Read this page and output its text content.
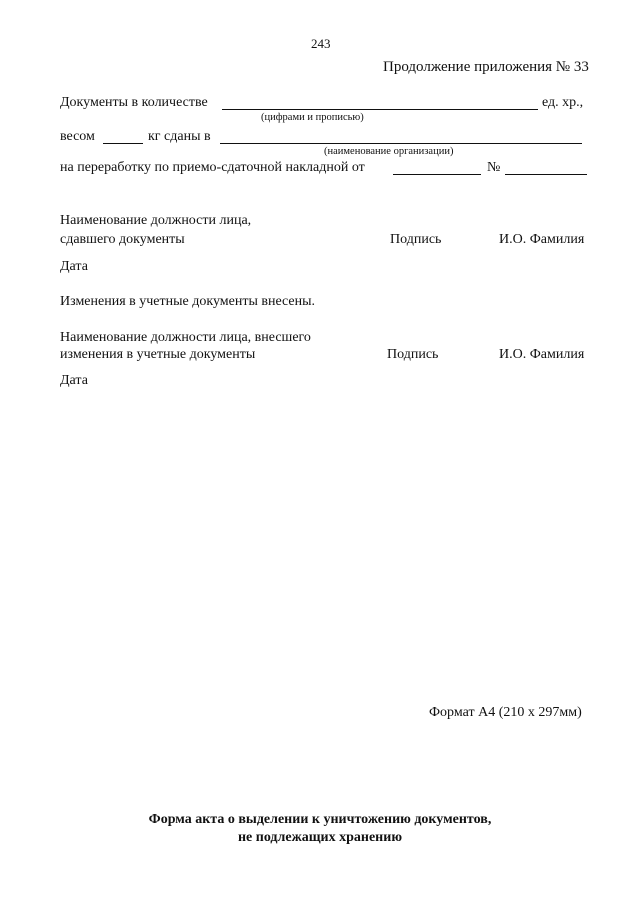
243
Продолжение приложения № 33
Документы в количестве	ед. хр.,
(цифрами и прописью)
весом	кг сданы в
(наименование организации)
на переработку по приемо-сдаточной накладной от	№
Наименование должности лица,
сдавшего документы	Подпись	И.О. Фамилия
Дата
Изменения в учетные документы внесены.
Наименование должности лица, внесшего
изменения в учетные документы	Подпись	И.О. Фамилия
Дата
Формат А4 (210 x 297мм)
Форма акта о выделении к уничтожению документов,
не подлежащих хранению
